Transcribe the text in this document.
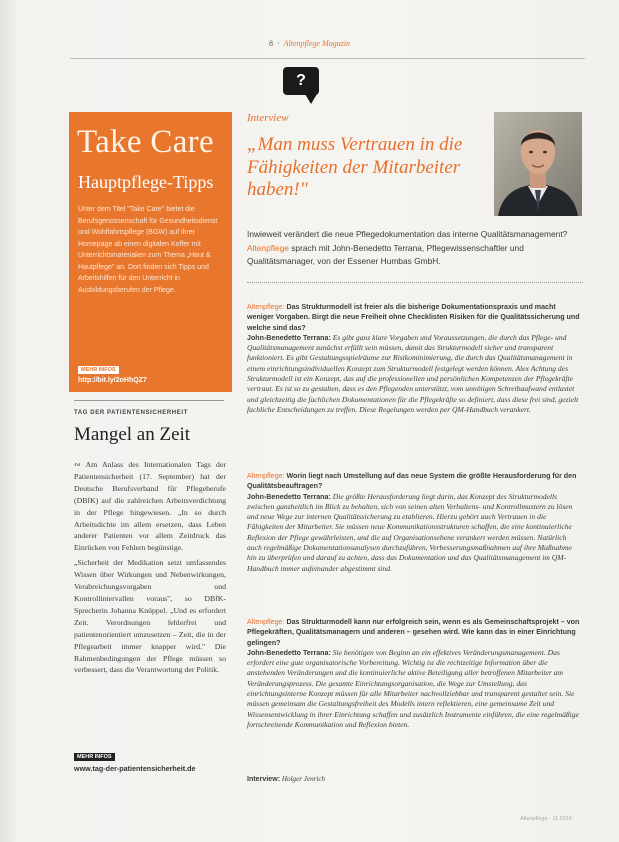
8 · Altenpflege Magazin
?
Take Care
Hauptpflege-Tipps
Unter dem Titel "Take Care" bietet die Berufsgenossenschaft für Gesundheitsdienst und Wohlfahrtspflege (BGW) auf ihrer Homepage ab einen digitalen Koffer mit Unterrichtsmaterialien zum Thema „Haut & Hautpflege" an. Dort finden sich Tipps und Arbeitshilfen für den Unterricht in Ausbildungsberufen der Pflege.
MEHR INFOS
http://bit.ly/2oHhQZ7
TAG DER PATIENTENSICHERHEIT
Mangel an Zeit

∾ Am Anlass des Internationalen Tags der Patientensicherheit (17. September) hat der Deutsche Berufsverband für Pflegeberufe (DBfK) auf die zahlreichen Arbeitsverdichtung in der Pflege hingewiesen. „In so durch Arbeitsdichte im allem ersetzen, dass Leben anderer Patienten vor allem Zeitdruck das Einrücken von Fehlern begünstige.

„Sicherheit der Medikation setzt umfassendes Wissen über Wirkungen und Nebenwirkungen, Verabreichungsvorgaben und Kontrollintervallen voraus", so DBfK-Sprecherin Johanna Knüppel. „Und es erfordert Zeit. Verordnungen fehlerfrei und patientenorientiert umzusetzen – Zeit, die in der Pflegearbeit immer knapper wird." Die Rahmenbedingungen der Pflege müssen so verbessert, dass die Verantwortung der Politik.

MEHR INFOS
www.tag-der-patientensicherheit.de
Interview
„Man muss Vertrauen in die Fähigkeiten der Mitarbeiter haben!"
Inwieweit verändert die neue Pflegedokumentation das interne Qualitätsmanagement? Altenpflege sprach mit John-Benedetto Terrana, Pflegewissenschaftler und Qualitätsmanager, von der Essener Humbas GmbH.
Altenpflege: Das Strukturmodell ist freier als die bisherige Dokumentationspraxis und macht weniger Vorgaben. Birgt die neue Freiheit ohne Checklisten Risiken für die Qualitätssicherung und welche sind das?
John-Benedetto Terrana: Es gibt ganz klare Vorgaben und Voraussetzungen, die durch das Pflege- und Qualitätsmanagement zunächst erfüllt sein müssen, damit das Strukturmodell sicher und transparent funktioniert. Es gibt Gestaltungsspielräume zur Risikominimierung, die durch das Qualitätsmanagement in einem einrichtungsindividuellen Konzept zum Strukturmodell festgelegt werden können. Alex Achtung des Strukturmodell ist ein Konzept, das auf die professionellen und persönlichen Kompetenzen der Pflegekräfte vertraut. Es ist so zu gestalten, dass es den Pflegenden unterstützt, vom unnötigen Schreibaufwand entlastet und gleichzeitig die fachlichen Dokumentationen für die Pflegekräfte so definiert, dass diese frei sind, gezielt fachliche Entscheidungen zu treffen. Diese Regelungen werden per QM-Handbuch verankert.
Altenpflege: Worin liegt nach Umstellung auf das neue System die größte Herausforderung für den Qualitätsbeauftragen?
John-Benedetto Terrana: Die größte Herausforderung liegt darin, das Konzept des Strukturmodells zwischen ganzheitlich im Blick zu behalten, sich von seinen alten Verhaltens- und Kontrollmustern zu lösen und neue Wege zur internen Qualitätssicherung zu etablieren. Hierzu gehört auch Vertrauen in die Fähigkeiten der Mitarbeiter. Sie müssen neue Kommunikationsstrukturen schaffen, die eine kontinuierliche Reflexion der Pflege gewährleisten, und die auf Organisationsebene verankert werden müssen. Natürlich auch regelmäßige Dokumentationsanalysen durchzuführen, Verbesserungsmaßnahmen auf ihre Maßnahme hin zu überprüfen und darauf zu achten, dass das Dokumentation und das Qualitätsmanagement im QM-Handbuch immer aufeinander abgestimmt sind.
Altenpflege: Das Strukturmodell kann nur erfolgreich sein, wenn es als Gemeinschaftsprojekt – von Pflegekräften, Qualitätsmanagern und anderen – gesehen wird. Wie kann das in einer Einrichtung gelingen?
John-Benedetto Terrana: Sie benötigen von Beginn an ein effektives Veränderungsmanagement. Das erfordert eine gute organisatorische Vorbereitung. Wichtig ist die rechtzeitige Information über die anstehenden Veränderungen und die kontinuierliche aktive Beteiligung aller betroffenen Mitarbeiter am Veränderungsprozess. Die gesamte Einrichtungsorganisation, die Wege zur Umstellung, das einrichtungsinterne Konzept müssen für alle Mitarbeiter nachvollziehbar und transparent gestaltet sein. Sie müssen gemeinsam die Gestaltungsfreiheit des Modells intern reflektieren, eine gemeinsame Zeit und Wissensentwicklung in ihrer Einrichtung schaffen und zusätzlich Instrumente einführen, die eine regelmäßige fortschreitende Kommunikation und Reflexion bieten.
Interview: Holger Jenrich
Altenpflege · 11.2016
